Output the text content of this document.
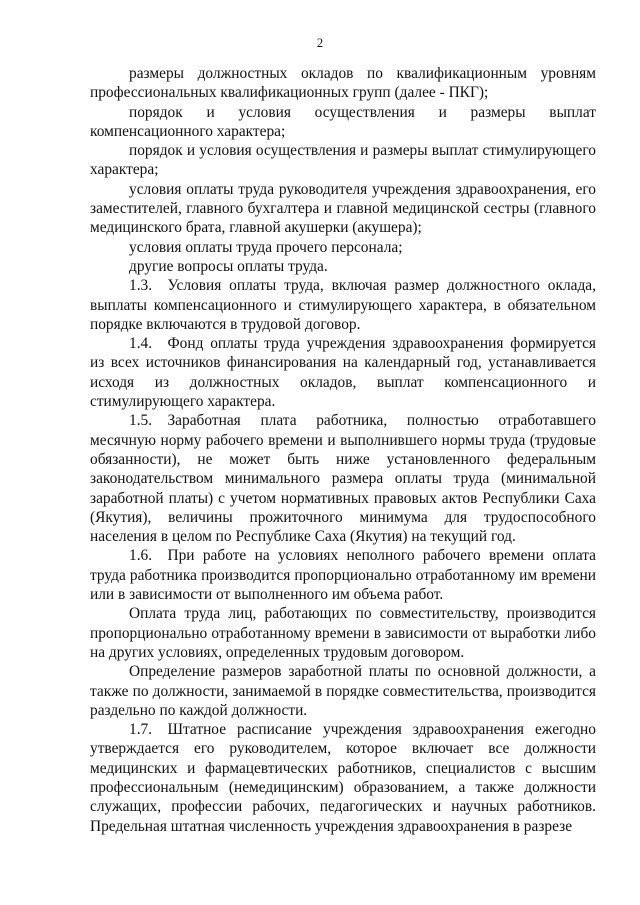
2

размеры должностных окладов по квалификационным уровням профессиональных квалификационных групп (далее - ПКГ);

порядок и условия осуществления и размеры выплат компенсационного характера;

порядок и условия осуществления и размеры выплат стимулирующего характера;

условия оплаты труда руководителя учреждения здравоохранения, его заместителей, главного бухгалтера и главной медицинской сестры (главного медицинского брата, главной акушерки (акушера);

условия оплаты труда прочего персонала;

другие вопросы оплаты труда.

1.3. Условия оплаты труда, включая размер должностного оклада, выплаты компенсационного и стимулирующего характера, в обязательном порядке включаются в трудовой договор.

1.4. Фонд оплаты труда учреждения здравоохранения формируется из всех источников финансирования на календарный год, устанавливается исходя из должностных окладов, выплат компенсационного и стимулирующего характера.

1.5. Заработная плата работника, полностью отработавшего месячную норму рабочего времени и выполнившего нормы труда (трудовые обязанности), не может быть ниже установленного федеральным законодательством минимального размера оплаты труда (минимальной заработной платы) с учетом нормативных правовых актов Республики Саха (Якутия), величины прожиточного минимума для трудоспособного населения в целом по Республике Саха (Якутия) на текущий год.

1.6. При работе на условиях неполного рабочего времени оплата труда работника производится пропорционально отработанному им времени или в зависимости от выполненного им объема работ.

Оплата труда лиц, работающих по совместительству, производится пропорционально отработанному времени в зависимости от выработки либо на других условиях, определенных трудовым договором.

Определение размеров заработной платы по основной должности, а также по должности, занимаемой в порядке совместительства, производится раздельно по каждой должности.

1.7. Штатное расписание учреждения здравоохранения ежегодно утверждается его руководителем, которое включает все должности медицинских и фармацевтических работников, специалистов с высшим профессиональным (немедицинским) образованием, а также должности служащих, профессии рабочих, педагогических и научных работников. Предельная штатная численность учреждения здравоохранения в разрезе
